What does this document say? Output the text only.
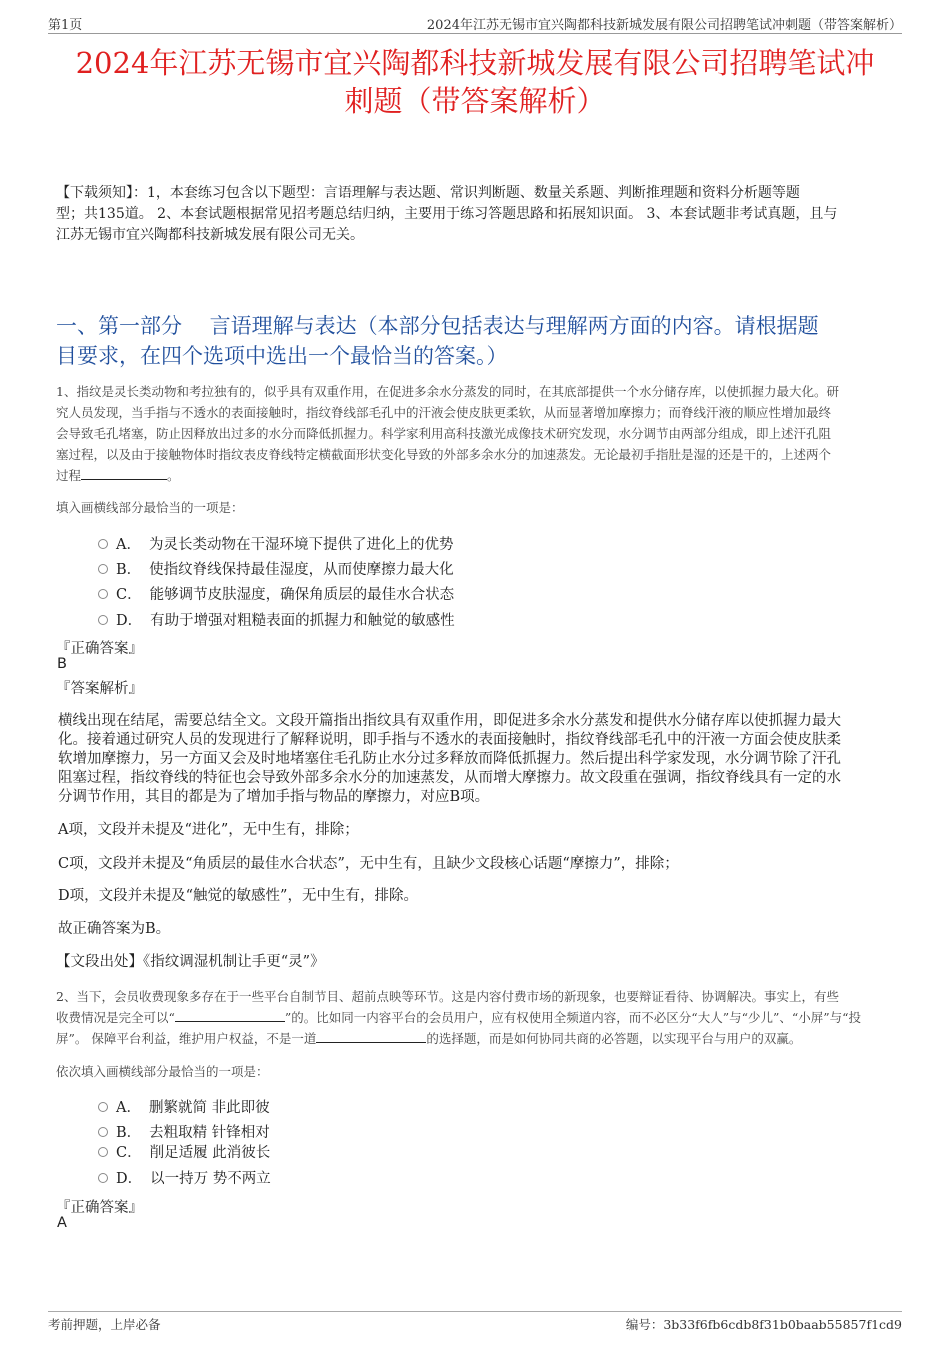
第1页	2024年江苏无锡市宜兴陶都科技新城发展有限公司招聘笔试冲刺题（带答案解析）
2024年江苏无锡市宜兴陶都科技新城发展有限公司招聘笔试冲
刺题（带答案解析）
【下载须知】：1，本套练习包含以下题型：言语理解与表达题、常识判断题、数量关系题、判断推理题和资料分析题等题
型；共135道。 2、本套试题根据常见招考题总结归纳，主要用于练习答题思路和拓展知识面。 3、本套试题非考试真题，且与
江苏无锡市宜兴陶都科技新城发展有限公司无关。
一、第一部分　 言语理解与表达（本部分包括表达与理解两方面的内容。请根据题
目要求，在四个选项中选出一个最恰当的答案。）
1、指纹是灵长类动物和考拉独有的，似乎具有双重作用，在促进多余水分蒸发的同时，在其底部提供一个水分储存库，以使抓握力最大化。研
究人员发现，当手指与不透水的表面接触时，指纹脊线部毛孔中的汗液会使皮肤更柔软，从而显著增加摩擦力；而脊线汗液的顺应性增加最终
会导致毛孔堵塞，防止因释放出过多的水分而降低抓握力。科学家利用高科技激光成像技术研究发现，水分调节由两部分组成，即上述汗孔阻
塞过程，以及由于接触物体时指纹表皮脊线特定横截面形状变化导致的外部多余水分的加速蒸发。无论最初手指肚是湿的还是干的，上述两个
过程	。
填入画横线部分最恰当的一项是：
A． 为灵长类动物在干湿环境下提供了进化上的优势
B． 使指纹脊线保持最佳湿度，从而使摩擦力最大化
C． 能够调节皮肤湿度，确保角质层的最佳水合状态
D． 有助于增强对粗糙表面的抓握力和触觉的敏感性
『正确答案』
B
『答案解析』
横线出现在结尾，需要总结全文。文段开篇指出指纹具有双重作用，即促进多余水分蒸发和提供水分储存库以使抓握力最大
化。接着通过研究人员的发现进行了解释说明，即手指与不透水的表面接触时，指纹脊线部毛孔中的汗液一方面会使皮肤柔
软增加摩擦力，另一方面又会及时地堵塞住毛孔防止水分过多释放而降低抓握力。然后提出科学家发现，水分调节除了汗孔
阻塞过程，指纹脊线的特征也会导致外部多余水分的加速蒸发，从而增大摩擦力。故文段重在强调，指纹脊线具有一定的水
分调节作用，其目的都是为了增加手指与物品的摩擦力，对应B项。
A项，文段并未提及“进化”，无中生有，排除；
C项，文段并未提及“角质层的最佳水合状态”，无中生有，且缺少文段核心话题“摩擦力”，排除；
D项，文段并未提及“触觉的敏感性”，无中生有，排除。
故正确答案为B。
【文段出处】《指纹调湿机制让手更“灵”》
2、当下，会员收费现象多存在于一些平台自制节目、超前点映等环节。这是内容付费市场的新现象，也要辩证看待、协调解决。事实上，有些
收费情况是完全可以“	”的。比如同一内容平台的会员用户，应有权使用全频道内容，而不必区分“大人”与“少儿”、“小屏”与“投
屏”。 保障平台利益，维护用户权益，不是一道	的选择题，而是如何协同共商的必答题，以实现平台与用户的双赢。
依次填入画横线部分最恰当的一项是：
A． 删繁就简 非此即彼
B． 去粗取精 针锋相对
C． 削足适履 此消彼长
D． 以一持万 势不两立
『正确答案』
A
考前押题，上岸必备	编号：3b33f6fb6cdb8f31b0baab55857f1cd9
